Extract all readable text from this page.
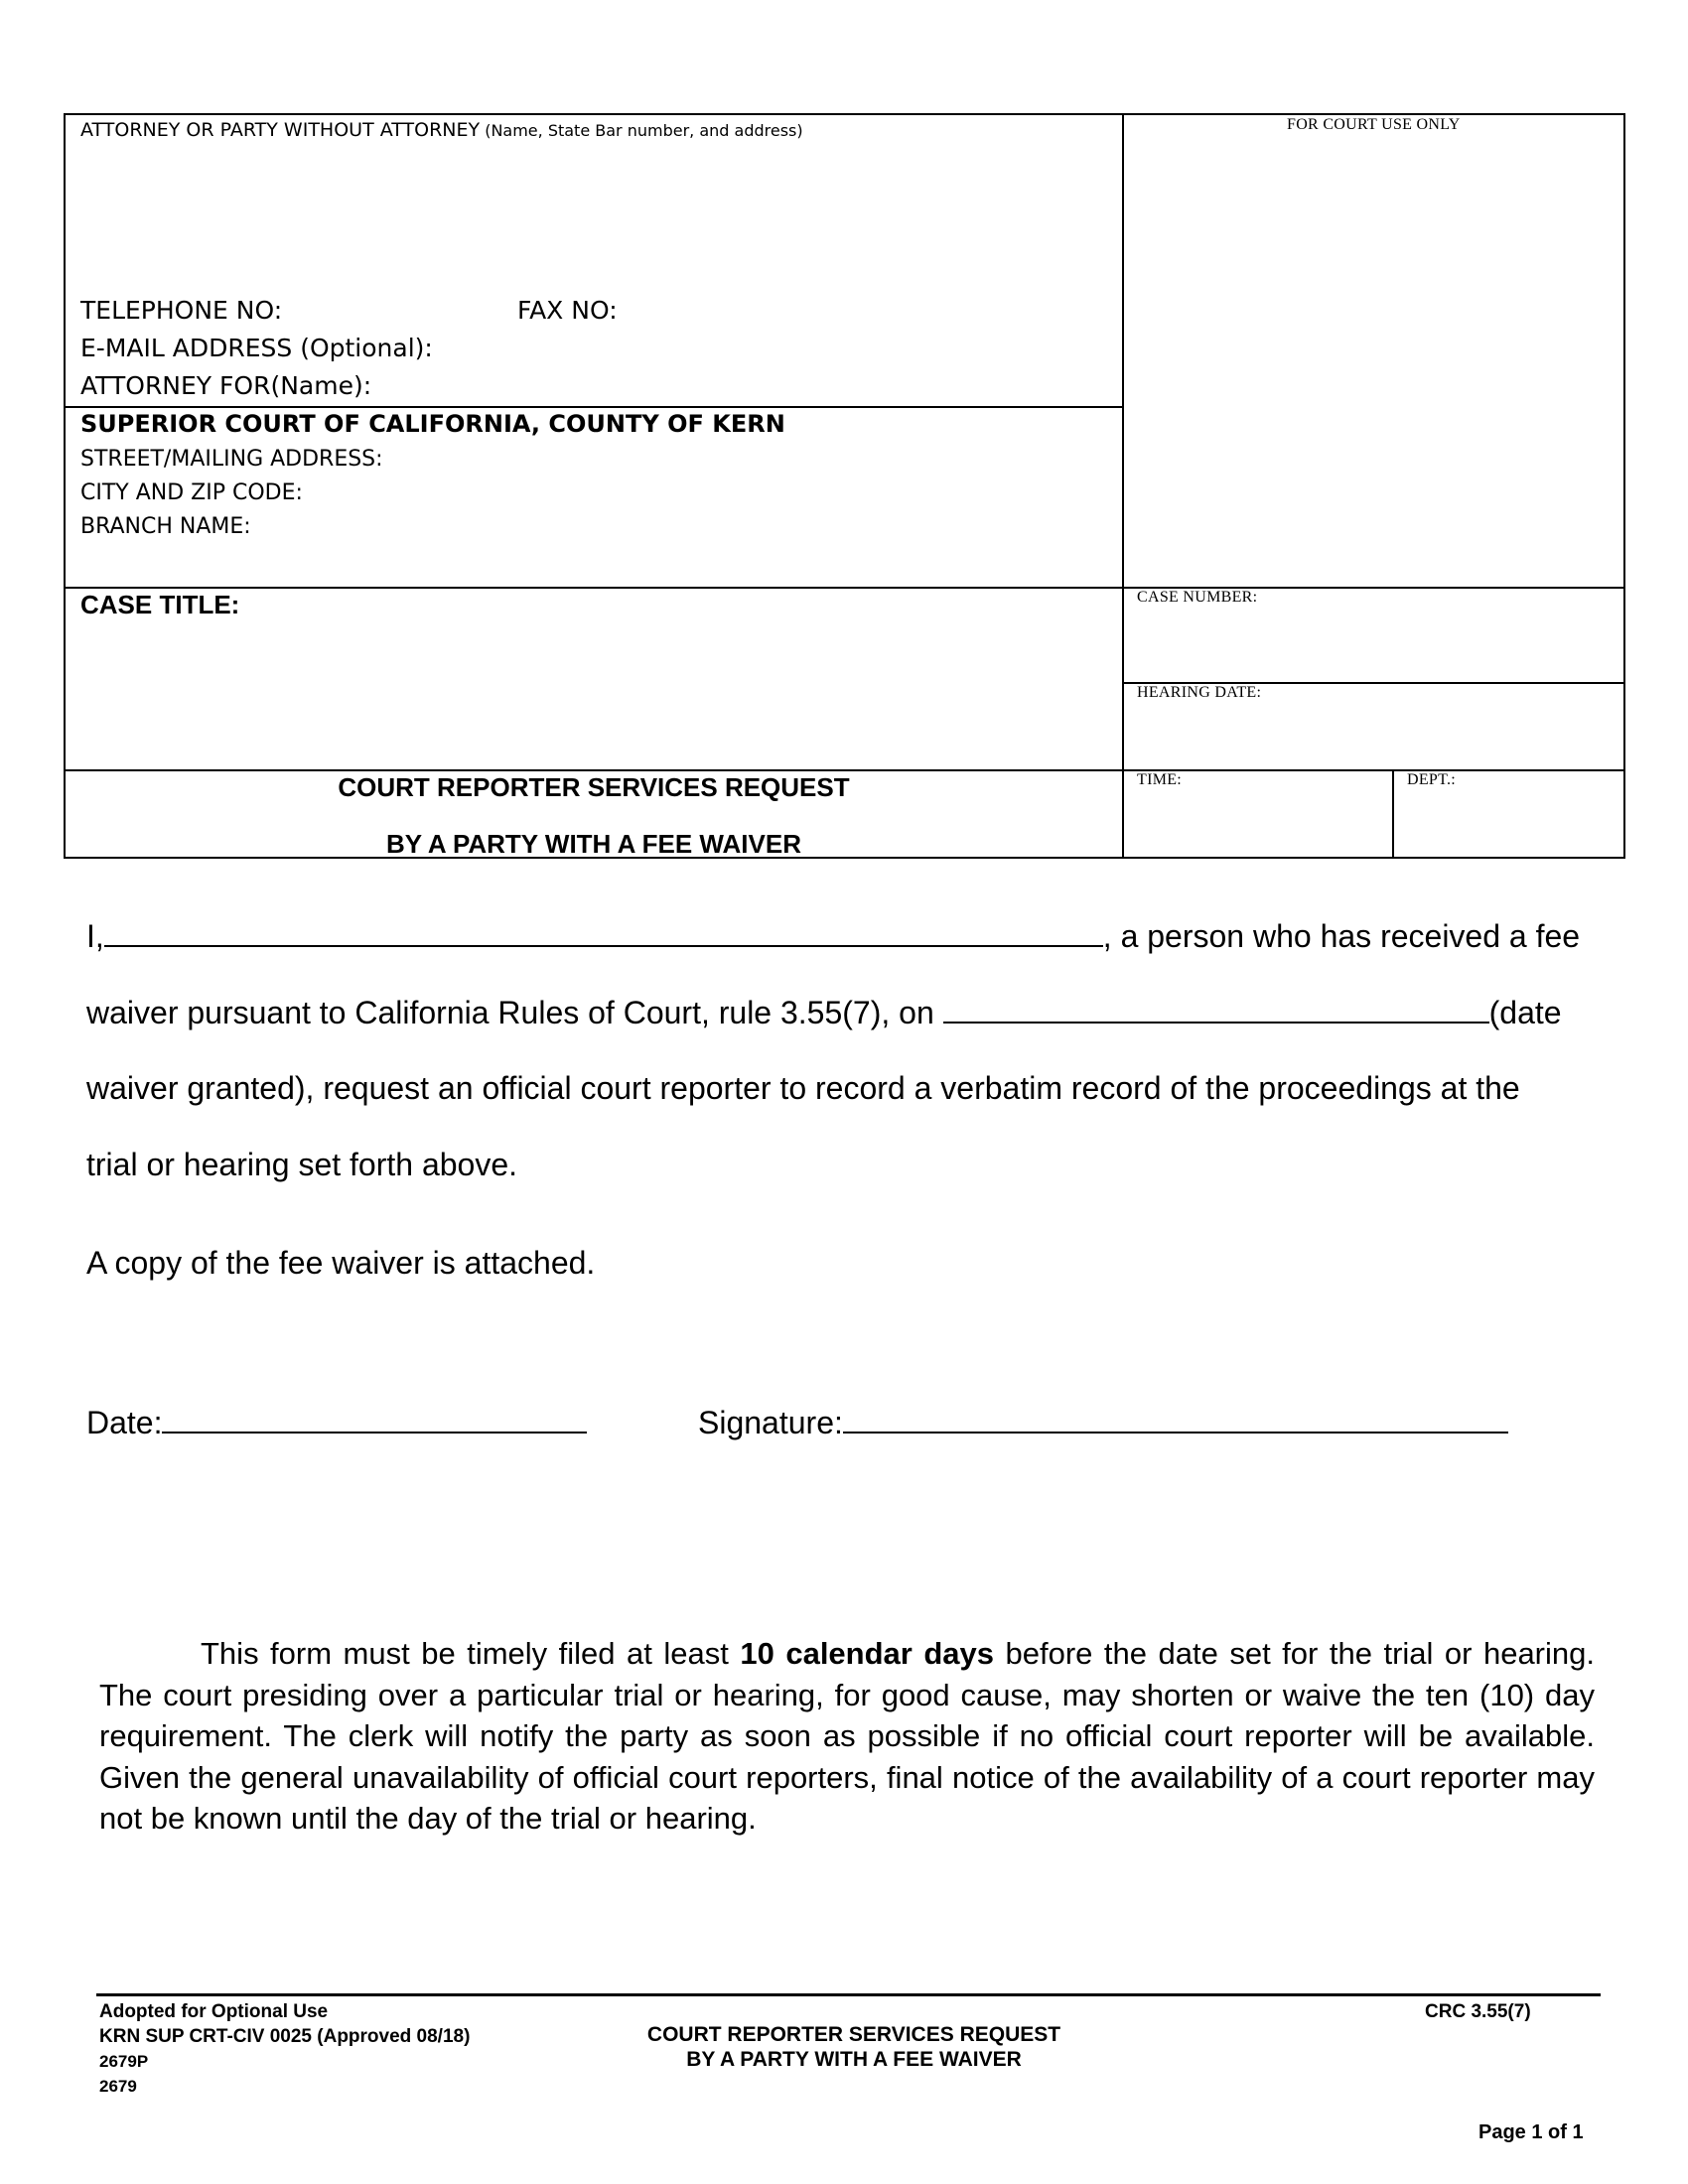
ATTORNEY OR PARTY WITHOUT ATTORNEY (Name, State Bar number, and address)
TELEPHONE NO:	FAX NO:
E-MAIL ADDRESS (Optional):
ATTORNEY FOR(Name):
SUPERIOR COURT OF CALIFORNIA, COUNTY OF KERN
STREET/MAILING ADDRESS:
CITY AND ZIP CODE:
BRANCH NAME:
FOR COURT USE ONLY
CASE NUMBER:
HEARING DATE:
TIME:	DEPT.:
CASE TITLE:
COURT REPORTER SERVICES REQUEST
BY A PARTY WITH A FEE WAIVER
I,	, a person who has received a fee
waiver pursuant to California Rules of Court, rule 3.55(7), on	(date
waiver granted), request an official court reporter to record a verbatim record of the proceedings at the
trial or hearing set forth above.
A copy of the fee waiver is attached.
Date:	Signature:
This form must be timely filed at least 10 calendar days before the date set for the trial or hearing. The court presiding over a particular trial or hearing, for good cause, may shorten or waive the ten (10) day requirement. The clerk will notify the party as soon as possible if no official court reporter will be available. Given the general unavailability of official court reporters, final notice of the availability of a court reporter may not be known until the day of the trial or hearing.
Adopted for Optional Use
KRN SUP CRT-CIV 0025 (Approved 08/18)
2679P
2679
COURT REPORTER SERVICES REQUEST
BY A PARTY WITH A FEE WAIVER
CRC 3.55(7)
Page 1 of 1
